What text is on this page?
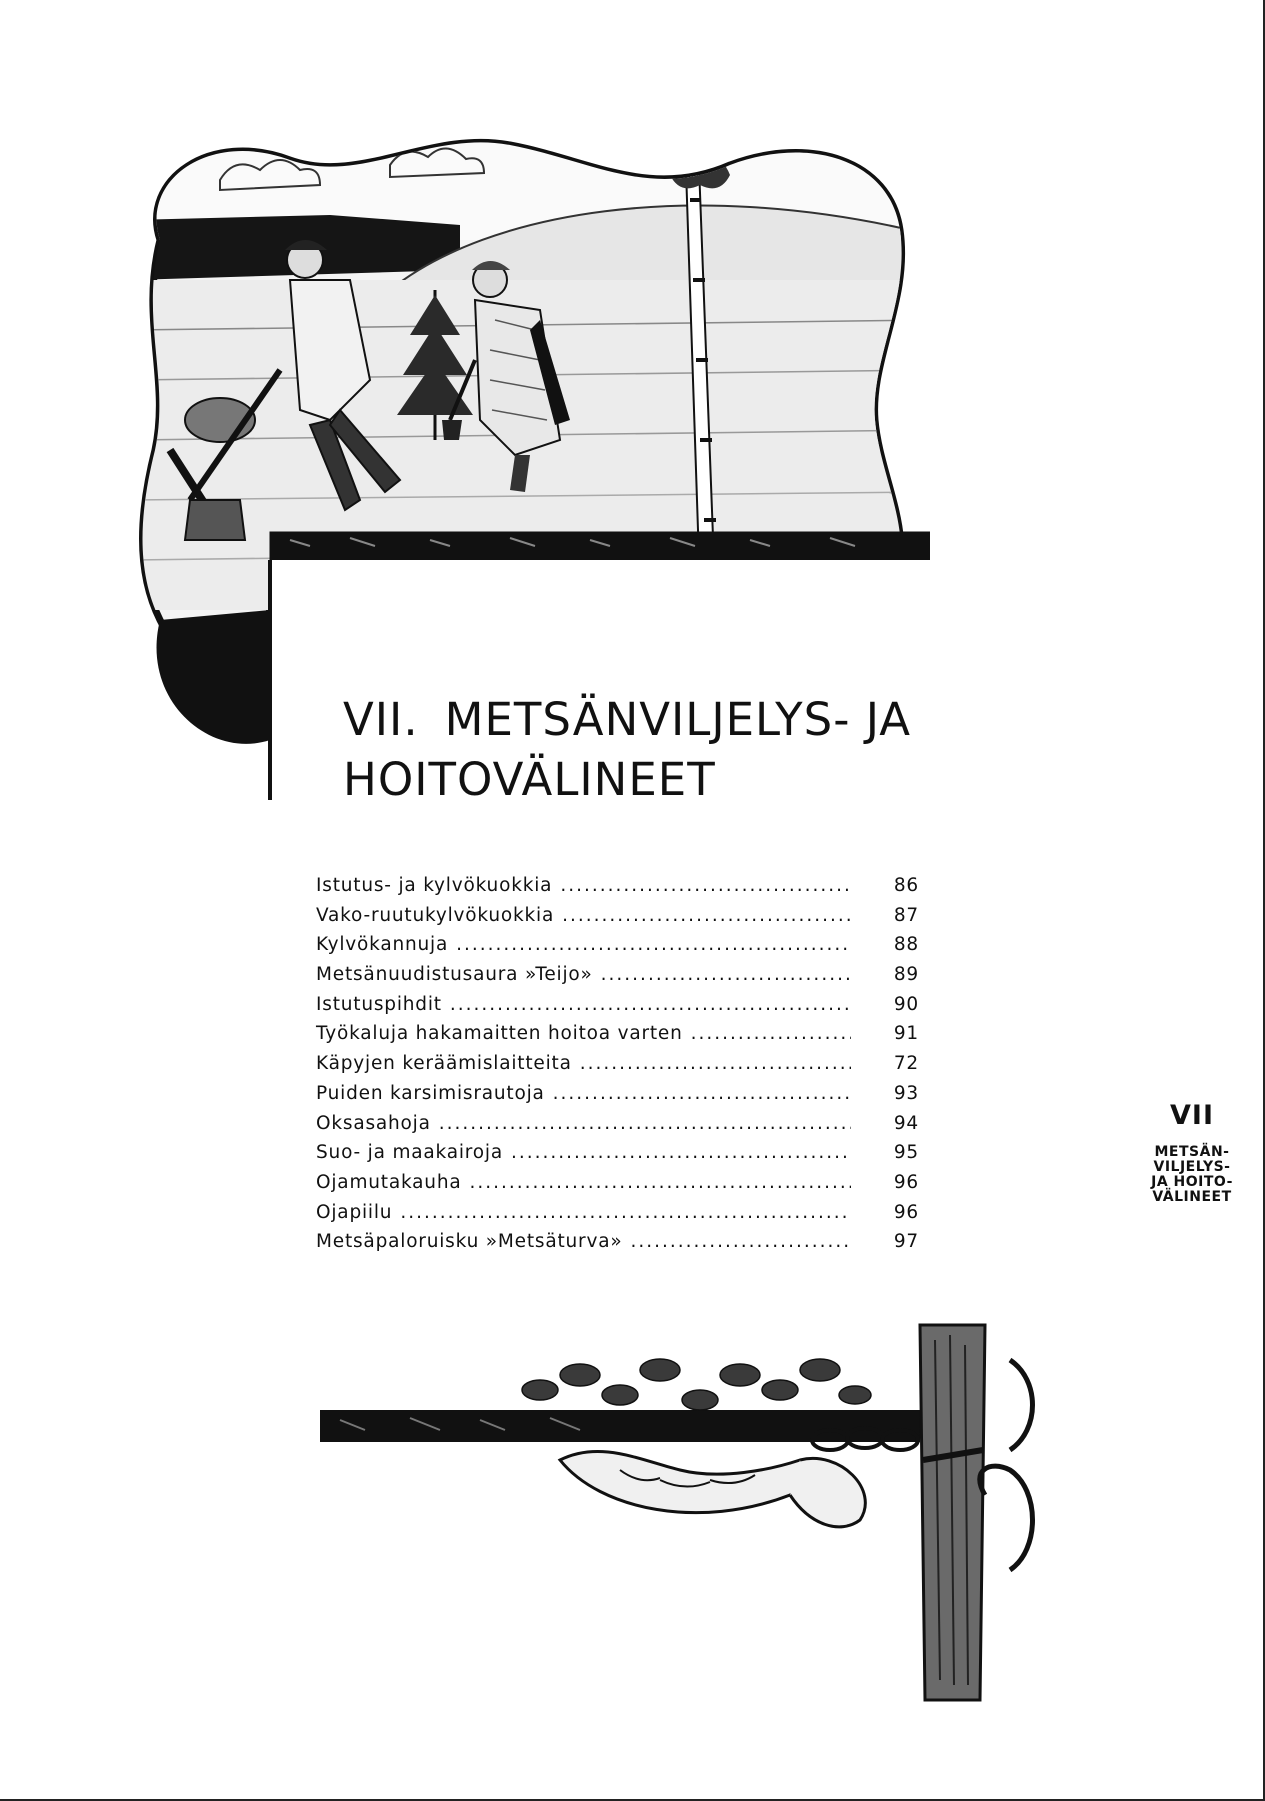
VII. METSÄNVILJELYS- JA
HOITOVÄLINEET
Istutus- ja kylvökuokkia .....	86
Vako-ruutukylvökuokkia .....	87
Kylvökannuja .....	88
Metsänuudistusaura »Teijo» .....	89
Istutuspihdit .....	90
Työkaluja hakamaitten hoitoa varten .....	91
Käpyjen keräämislaitteita .....	72
Puiden karsimisrautoja .....	93
Oksasahoja .....	94
Suo- ja maakairoja .....	95
Ojamutakauha .....	96
Ojapiilu .....	96
Metsäpaloruisku »Metsäturva» .....	97
VII
METSÄN-
VILJELYS-
JA HOITO-
VÄLINEET
